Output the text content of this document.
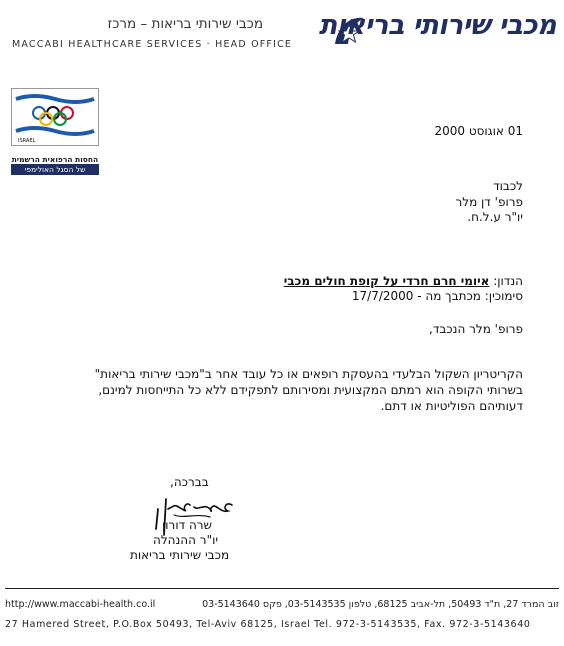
מכבי שירותי בריאות – מרכז
MACCABI HEALTHCARE SERVICES · HEAD OFFICE
מכבי שירותי בריאות
ISRAEL
החסות הרפואית הרשמית
של הסגל האולימפי
01 אוגוסט 2000
לכבוד
פרופ' דן מלר
יו"ר ע.ל.ח.
הנדון: איומי חרם חרדי על קופת חולים מכבי
סימוכין: מכתבך מה - 17/7/2000
פרופ' מלר הנכבד,
הקריטריון השקול הבלעדי בהעסקת רופאים או כל עובד אחר ב"מכבי שירותי בריאות"
בשרותי הקופה הוא רמתם המקצועית ומסירותם לתפקידם ללא כל התייחסות למינם,
דעותיהם הפוליטיות או דתם.
בברכה,
שרה דורון
יו"ר ההנהלה
מכבי שירותי בריאות
http://www.maccabi-health.co.il	זוב המרד 27, ת"ד 50493, תל-אביב 68125, טלפון 03-5143535, פקס 03-5143640
27 Hamered Street, P.O.Box 50493, Tel-Aviv 68125, Israel Tel. 972-3-5143535, Fax. 972-3-5143640
